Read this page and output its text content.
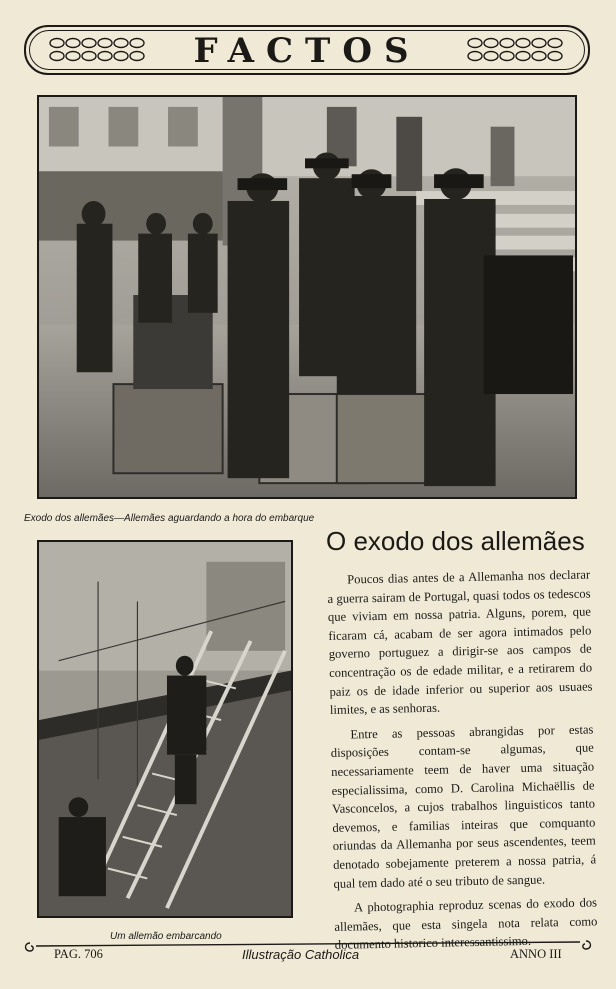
FACTOS
Exodo dos allemães—Allemães aguardando a hora do embarque
Um allemão embarcando
O exodo dos allemães

Poucos dias antes de a Allemanha nos declarar a guerra sairam de Portugal, quasi todos os tedescos que viviam em nossa patria. Alguns, porem, que ficaram cá, acabam de ser agora intimados pelo governo portuguez a dirigir-se aos campos de concentração os de edade militar, e a retirarem do paiz os de idade inferior ou superior aos usuaes limites, e as senhoras.

Entre as pessoas abrangidas por estas disposições contam-se algumas, que necessariamente teem de haver uma situação especialissima, como D. Carolina Michaëllis de Vasconcelos, a cujos trabalhos linguisticos tanto devemos, e familias inteiras que comquanto oriundas da Allemanha por seus ascendentes, teem denotado sobejamente preterem a nossa patria, á qual tem dado até o seu tributo de sangue.

A photographia reproduz scenas do exodo dos allemães, que esta singela nota relata como documento historico interessantissimo.

PAG. 706	Illustração Catholica	ANNO III
